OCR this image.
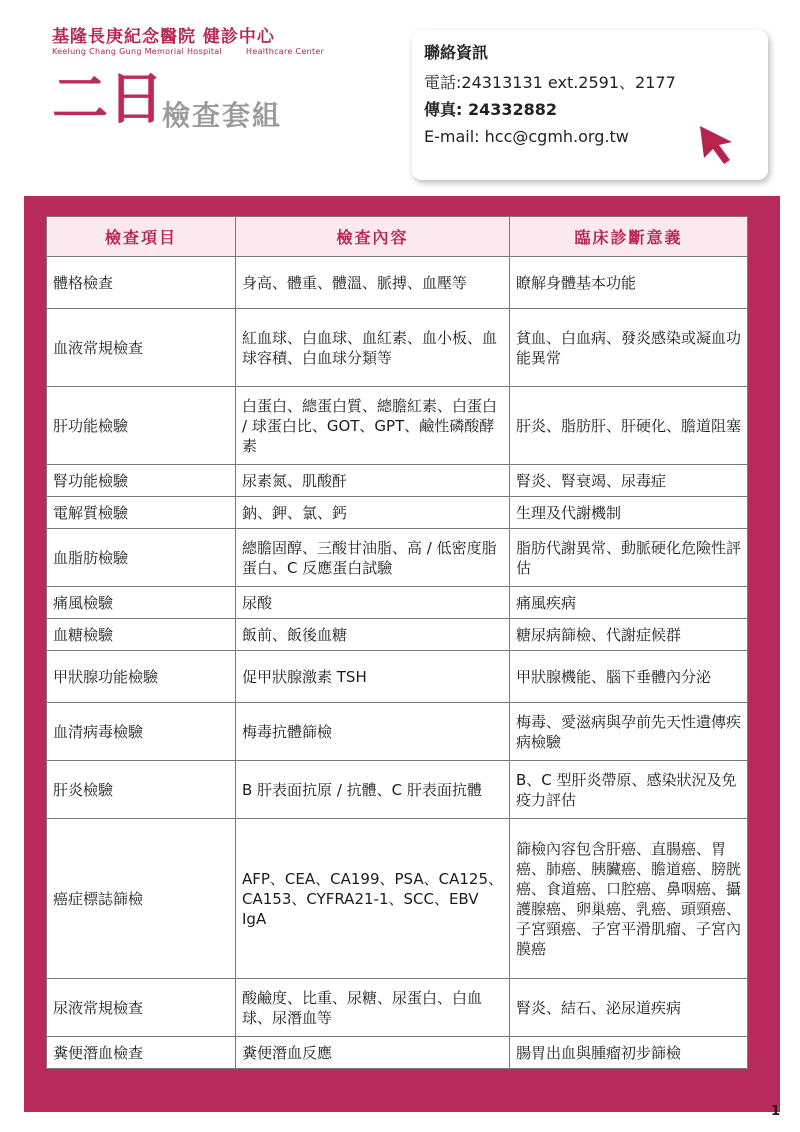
基隆長庚紀念醫院 健診中心
Keelung Chang Gung Memorial Hospital	Healthcare Center
二日
檢查套組
聯絡資訊
電話:24313131 ext.2591、2177
傳真: 24332882
E-mail: hcc@cgmh.org.tw
檢查項目	檢查內容	臨床診斷意義
體格檢查	身高、體重、體溫、脈搏、血壓等	瞭解身體基本功能
血液常規檢查	紅血球、白血球、血紅素、血小板、血球容積、白血球分類等	貧血、白血病、發炎感染或凝血功能異常
肝功能檢驗	白蛋白、總蛋白質、總膽紅素、白蛋白 / 球蛋白比、GOT、GPT、鹼性磷酸酵素	肝炎、脂肪肝、肝硬化、膽道阻塞
腎功能檢驗	尿素氮、肌酸酐	腎炎、腎衰竭、尿毒症
電解質檢驗	鈉、鉀、氯、鈣	生理及代謝機制
血脂肪檢驗	總膽固醇、三酸甘油脂、高 / 低密度脂蛋白、C 反應蛋白試驗	脂肪代謝異常、動脈硬化危險性評估
痛風檢驗	尿酸	痛風疾病
血糖檢驗	飯前、飯後血糖	糖尿病篩檢、代謝症候群
甲狀腺功能檢驗	促甲狀腺激素 TSH	甲狀腺機能、腦下垂體內分泌
血清病毒檢驗	梅毒抗體篩檢	梅毒、愛滋病與孕前先天性遺傳疾病檢驗
肝炎檢驗	B 肝表面抗原 / 抗體、C 肝表面抗體	B、C 型肝炎帶原、感染狀況及免疫力評估
癌症標誌篩檢	AFP、CEA、CA199、PSA、CA125、CA153、CYFRA21-1、SCC、EBV IgA	篩檢內容包含肝癌、直腸癌、胃癌、肺癌、胰臟癌、膽道癌、膀胱癌、食道癌、口腔癌、鼻咽癌、攝護腺癌、卵巢癌、乳癌、頭頸癌、子宮頸癌、子宮平滑肌瘤、子宮內膜癌
尿液常規檢查	酸鹼度、比重、尿糖、尿蛋白、白血球、尿潛血等	腎炎、結石、泌尿道疾病
糞便潛血檢查	糞便潛血反應	腸胃出血與腫瘤初步篩檢
1
